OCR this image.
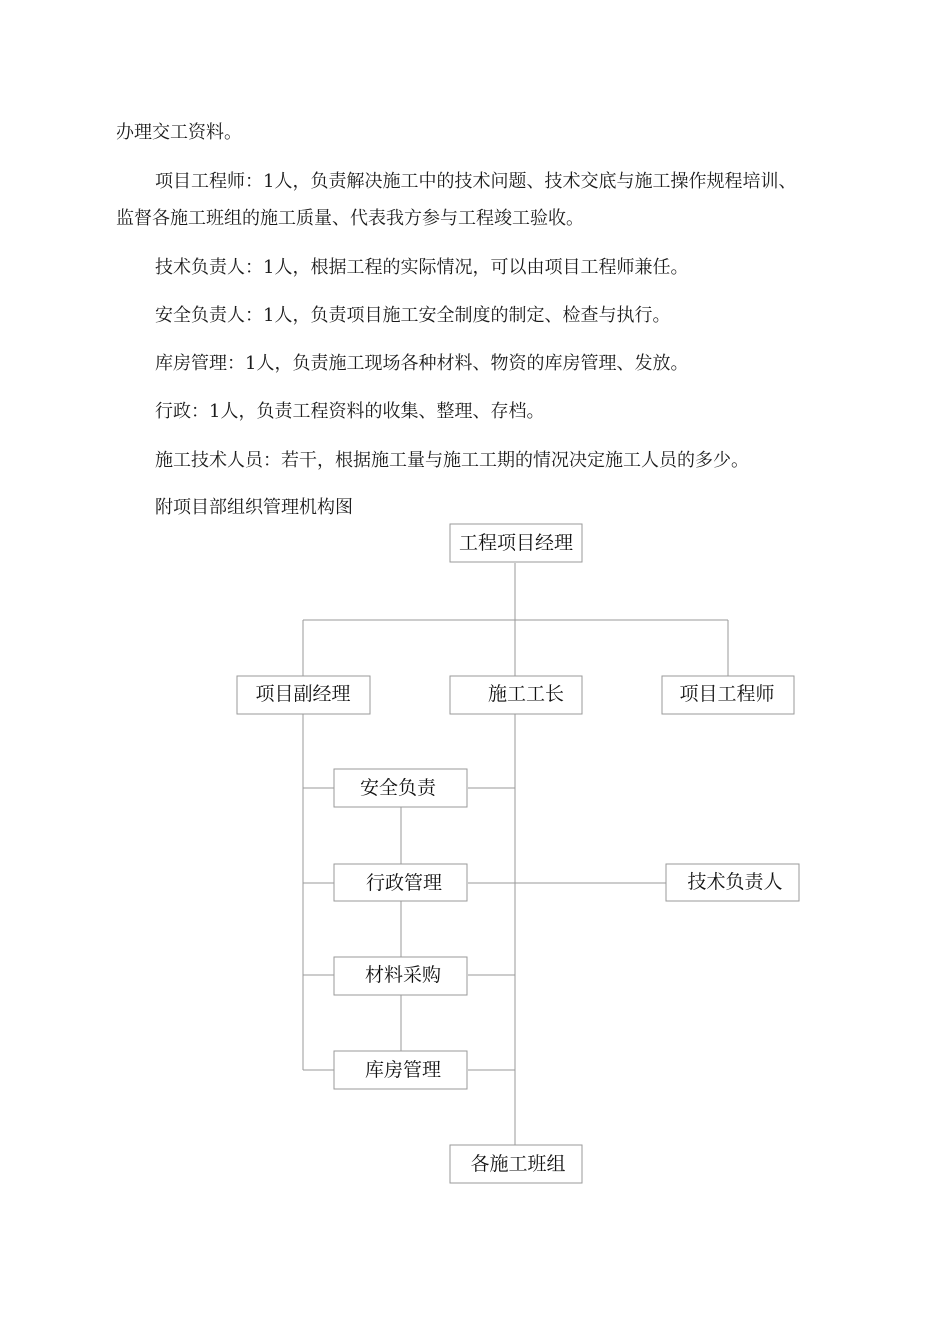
办理交工资料。
项目工程师：1人，负责解决施工中的技术问题、技术交底与施工操作规程培训、
监督各施工班组的施工质量、代表我方参与工程竣工验收。
技术负责人：1人，根据工程的实际情况，可以由项目工程师兼任。
安全负责人：1人，负责项目施工安全制度的制定、检查与执行。
库房管理：1人，负责施工现场各种材料、物资的库房管理、发放。
行政：1人，负责工程资料的收集、整理、存档。
施工技术人员：若干，根据施工量与施工工期的情况决定施工人员的多少。
附项目部组织管理机构图
工程项目经理
项目副经理	施工工长	项目工程师
安全负责
行政管理
材料采购
库房管理
技术负责人
各施工班组
